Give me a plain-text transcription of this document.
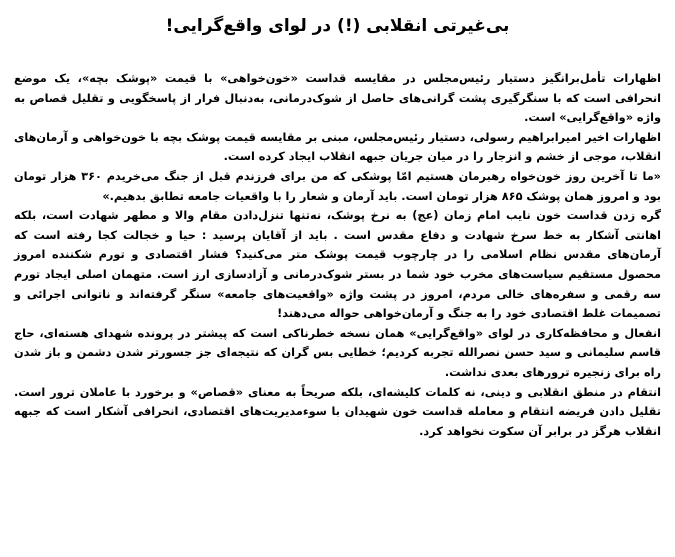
بی‌غیرتی انقلابی (!) در لوای واقع‌گرایی!

اظهارات تأمل‌برانگیز دستیار رئیس‌مجلس در مقایسه قداست «خون‌خواهی» با قیمت «پوشک بچه»، یک موضع انحرافی است که با سنگرگیری پشت گرانی‌های حاصل از شوک‌درمانی، به‌دنبال فرار از پاسخگویی و تقلیل قصاص به واژه «واقع‌گرایی» است.

اظهارات اخیر امیرابراهیم رسولی، دستیار رئیس‌مجلس، مبنی بر مقایسه قیمت پوشک بچه با خون‌خواهی و آرمان‌های انقلاب، موجی از خشم و انزجار را در میان جریان جبهه انقلاب ایجاد کرده است.

«ما تا آخرین روز خون‌خواه رهبرمان هستیم امّا پوشکی که من برای فرزندم قبل از جنگ می‌خریدم ۳۶۰ هزار تومان بود و امروز همان پوشک ۸۶۵ هزار تومان است. باید آرمان و شعار را با واقعیات جامعه تطابق بدهیم.»

گره زدن قداست خون نایب امام زمان (عج) به نرخ پوشک، نه‌تنها تنزل‌دادن مقام والا و مطهر شهادت است، بلکه اهانتی آشکار به خط سرخ شهادت و دفاع مقدس است . باید از آقایان پرسید : حیا و خجالت کجا رفته است که آرمان‌های مقدس نظام اسلامی را در چارچوب قیمت پوشک متر می‌کنید؟ فشار اقتصادی و تورم شکننده امروز محصول مستقیم سیاست‌های مخرب خود شما در بستر شوک‌درمانی و آزادسازی ارز است. متهمان اصلی ایجاد تورم سه رقمی و سفره‌های خالی مردم، امروز در پشت واژه «واقعیت‌های جامعه» سنگر گرفته‌اند و ناتوانی اجرائی و تصمیمات غلط اقتصادی خود را به جنگ و آرمان‌خواهی حواله می‌دهند!

انفعال و محافظه‌کاری در لوای «واقع‌گرایی» همان نسخه خطرناکی است که پیشتر در پرونده شهدای هسته‌ای، حاج قاسم سلیمانی و سید حسن نصرالله تجربه کردیم؛ خطایی بس گران که نتیجه‌ای جز جسورتر شدن دشمن و باز شدن راه برای زنجیره ترورهای بعدی نداشت.

انتقام در منطق انقلابی و دینی، نه کلمات کلیشه‌ای، بلکه صریحاً به معنای «قصاص» و برخورد با عاملان ترور است. تقلیل دادن فریضه انتقام و معامله قداست خون شهیدان با سوءمدیریت‌های اقتصادی، انحرافی آشکار است که جبهه انقلاب هرگز در برابر آن سکوت نخواهد کرد.
